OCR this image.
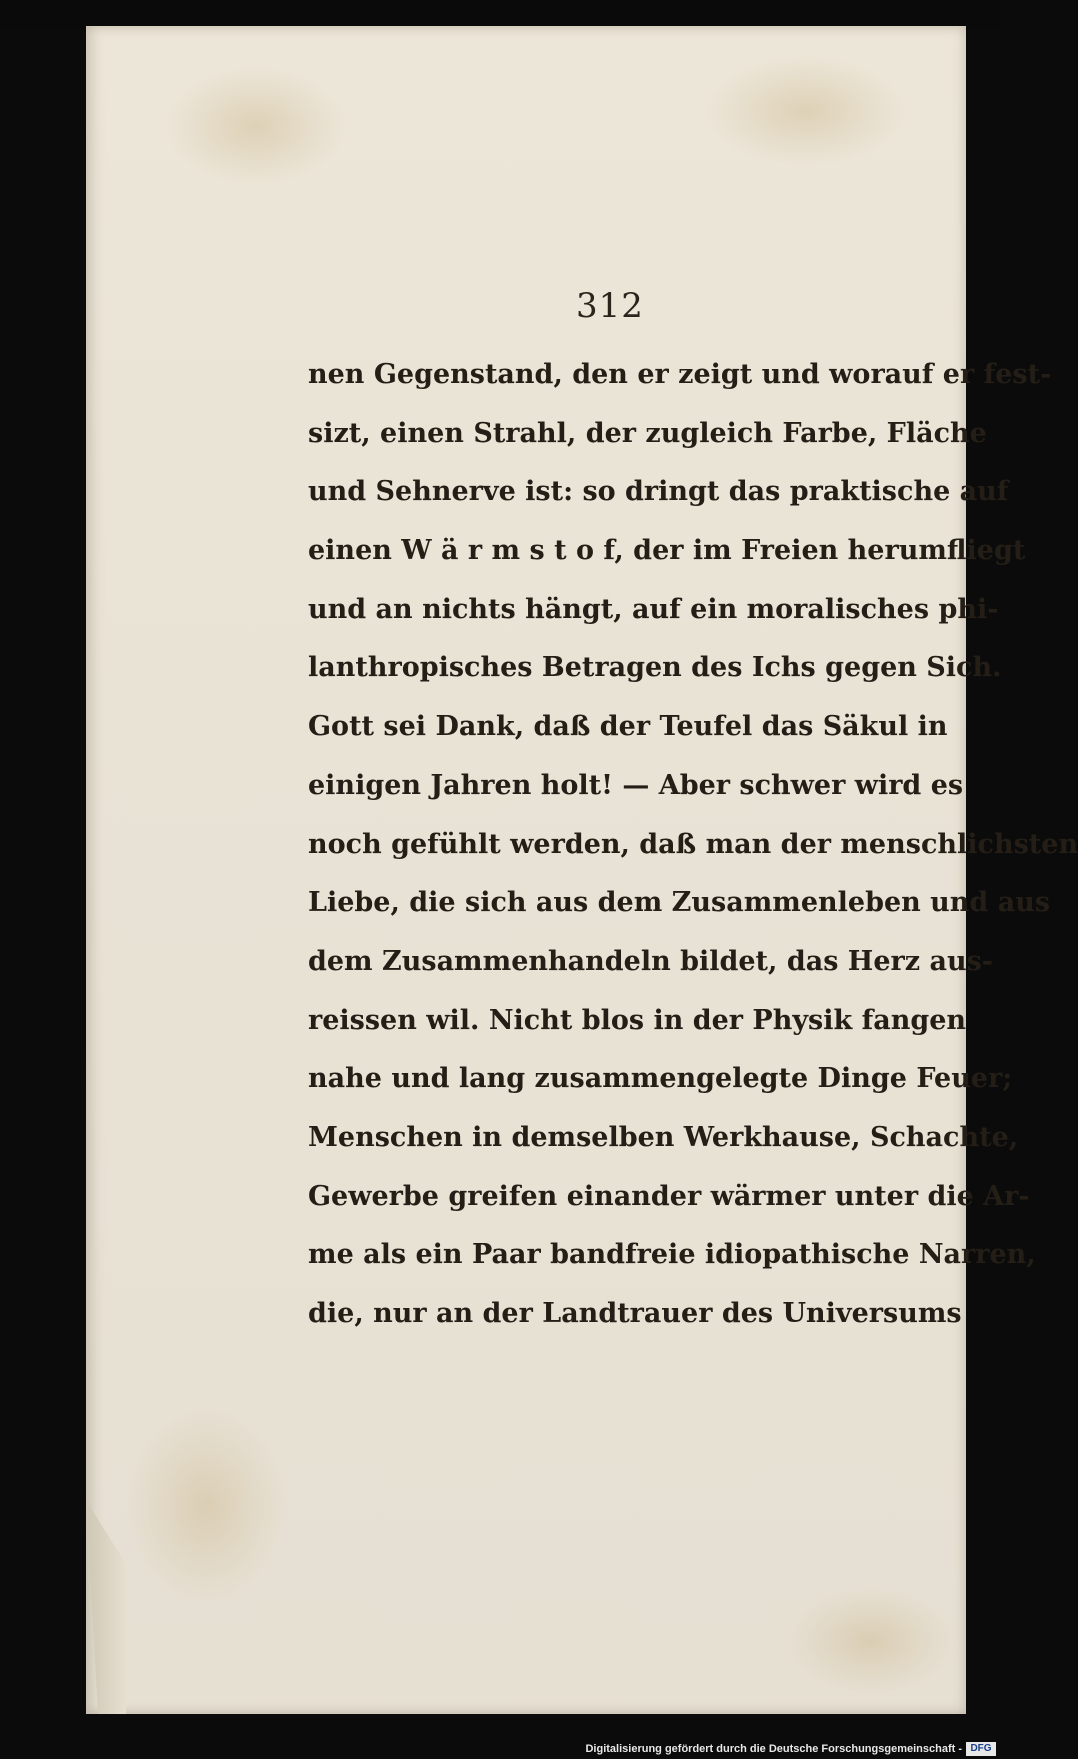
312
nen Gegenstand, den er zeigt und worauf er fest-
sizt, einen Strahl, der zugleich Farbe, Fläche
und Sehnerve ist: so dringt das praktische auf
einen W ä r m s t o f, der im Freien herumfliegt
und an nichts hängt, auf ein moralisches phi-
lanthropisches Betragen des Ichs gegen Sich.
Gott sei Dank, daß der Teufel das Säkul in
einigen Jahren holt! — Aber schwer wird es
noch gefühlt werden, daß man der menschlichsten
Liebe, die sich aus dem Zusammenleben und aus
dem Zusammenhandeln bildet, das Herz aus-
reissen wil. Nicht blos in der Physik fangen
nahe und lang zusammengelegte Dinge Feuer;
Menschen in demselben Werkhause, Schachte,
Gewerbe greifen einander wärmer unter die Ar-
me als ein Paar bandfreie idiopathische Narren,
die, nur an der Landtrauer des Universums
Digitalisierung gefördert durch die Deutsche Forschungsgemeinschaft - DFG
